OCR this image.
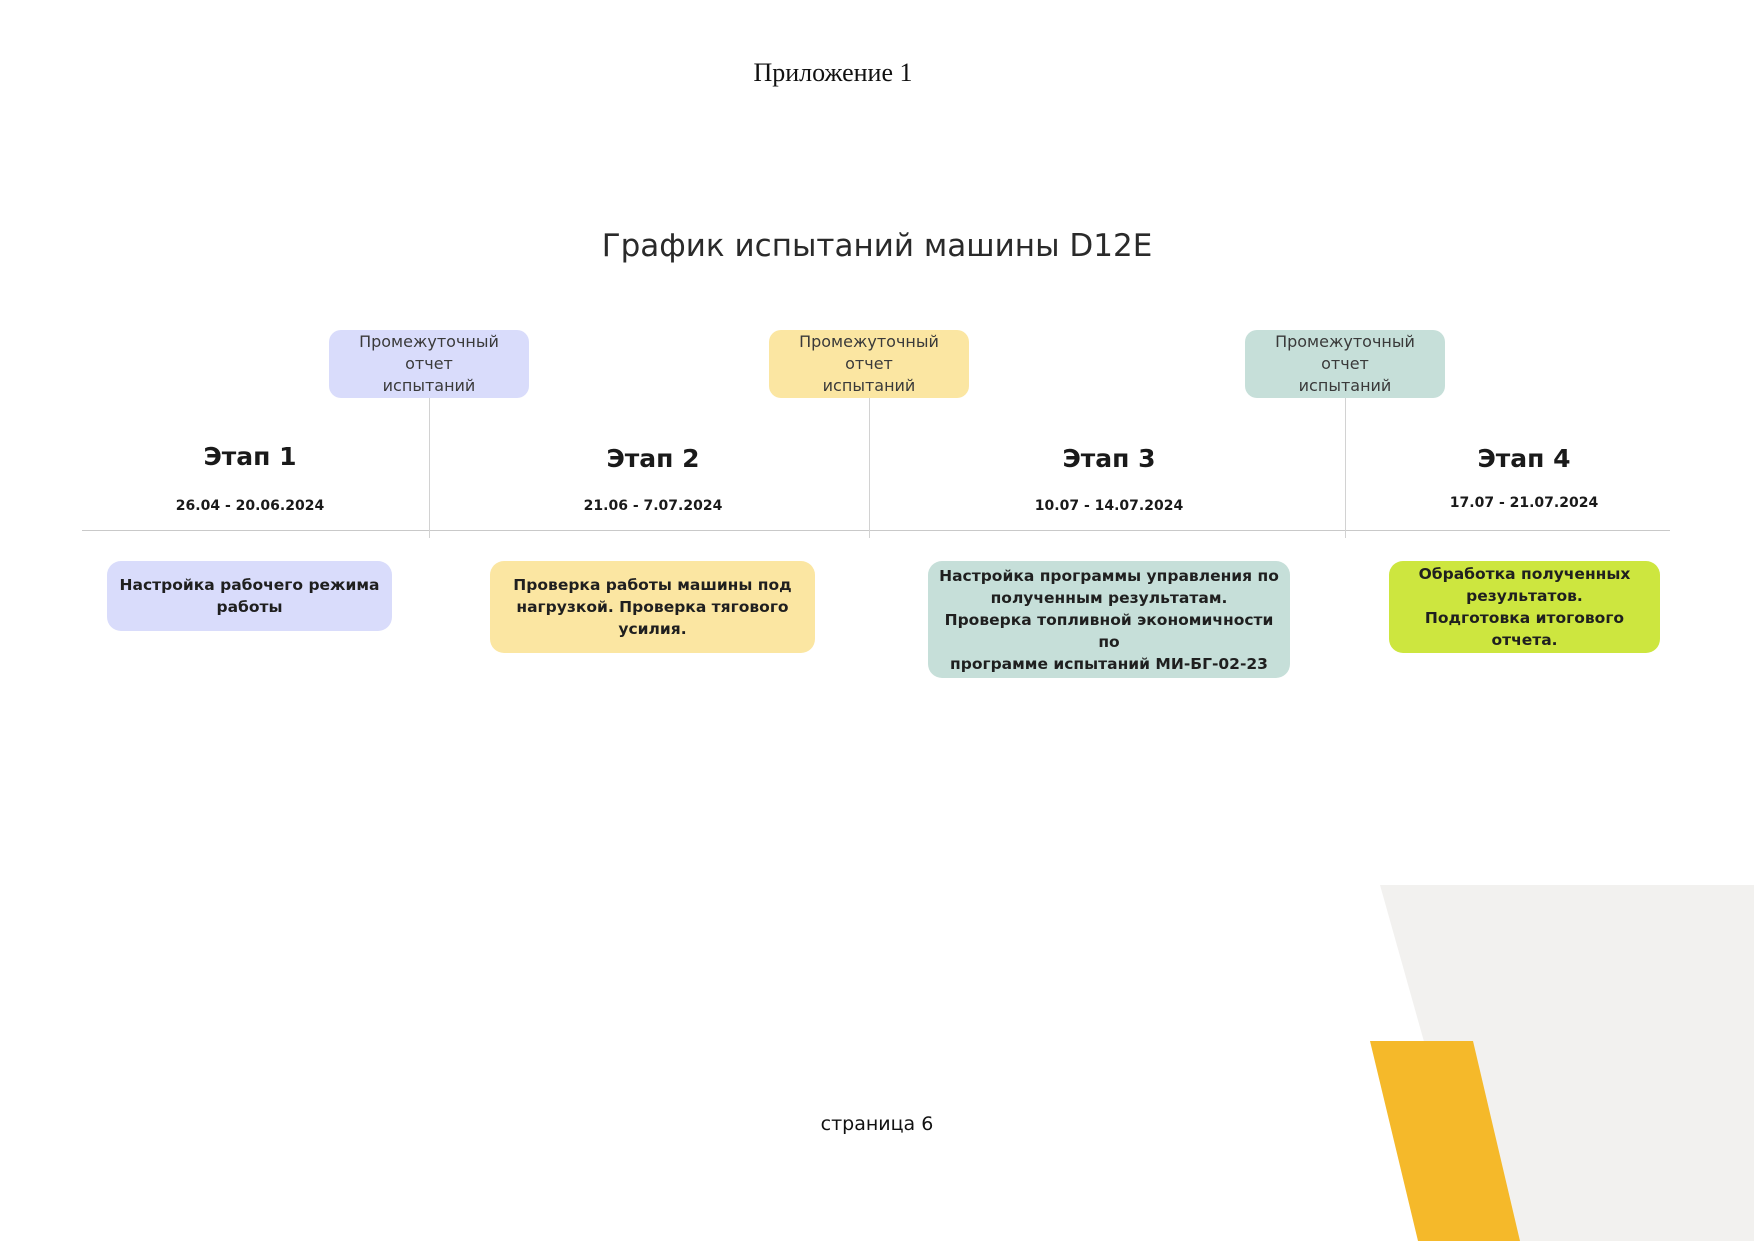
Приложение 1
График испытаний машины D12E
Промежуточный отчет
испытаний
Промежуточный отчет
испытаний
Промежуточный отчет
испытаний
Этап 1
26.04 - 20.06.2024
Этап 2
21.06 - 7.07.2024
Этап 3
10.07 - 14.07.2024
Этап 4
17.07 - 21.07.2024
Настройка рабочего режима
работы
Проверка работы машины под
нагрузкой. Проверка тягового
усилия.
Настройка программы управления по
полученным результатам.
Проверка топливной экономичности по
программе испытаний МИ-БГ-02-23
Обработка полученных
результатов.
Подготовка итогового отчета.
страница 6
